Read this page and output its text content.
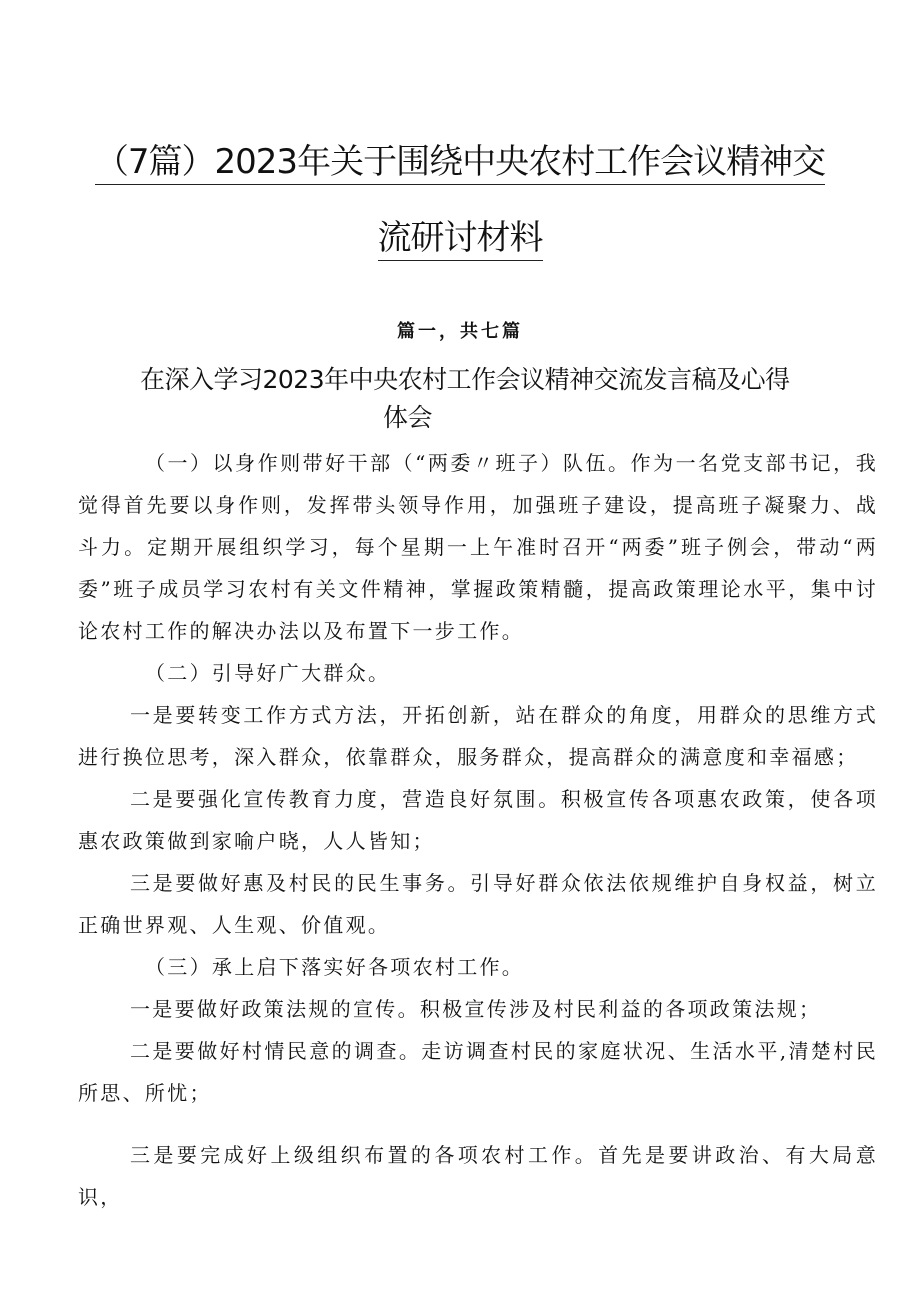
（7篇）2023年关于围绕中央农村工作会议精神交
流研讨材料
篇一，共七篇
在深入学习2023年中央农村工作会议精神交流发言稿及心得
体会

（一）以身作则带好干部（“两委〃班子）队伍。作为一名党支部书记，我觉得首先要以身作则，发挥带头领导作用，加强班子建设，提高班子凝聚力、战斗力。定期开展组织学习，每个星期一上午准时召开“两委”班子例会，带动“两委”班子成员学习农村有关文件精神，掌握政策精髓，提高政策理论水平，集中讨论农村工作的解决办法以及布置下一步工作。

（二）引导好广大群众。

一是要转变工作方式方法，开拓创新，站在群众的角度，用群众的思维方式进行换位思考，深入群众，依靠群众，服务群众，提高群众的满意度和幸福感；

二是要强化宣传教育力度，营造良好氛围。积极宣传各项惠农政策，使各项惠农政策做到家喻户晓，人人皆知；

三是要做好惠及村民的民生事务。引导好群众依法依规维护自身权益，树立正确世界观、人生观、价值观。

（三）承上启下落实好各项农村工作。

一是要做好政策法规的宣传。积极宣传涉及村民利益的各项政策法规；

二是要做好村情民意的调查。走访调查村民的家庭状况、生活水平,清楚村民所思、所忧；

三是要完成好上级组织布置的各项农村工作。首先是要讲政治、有大局意识，
